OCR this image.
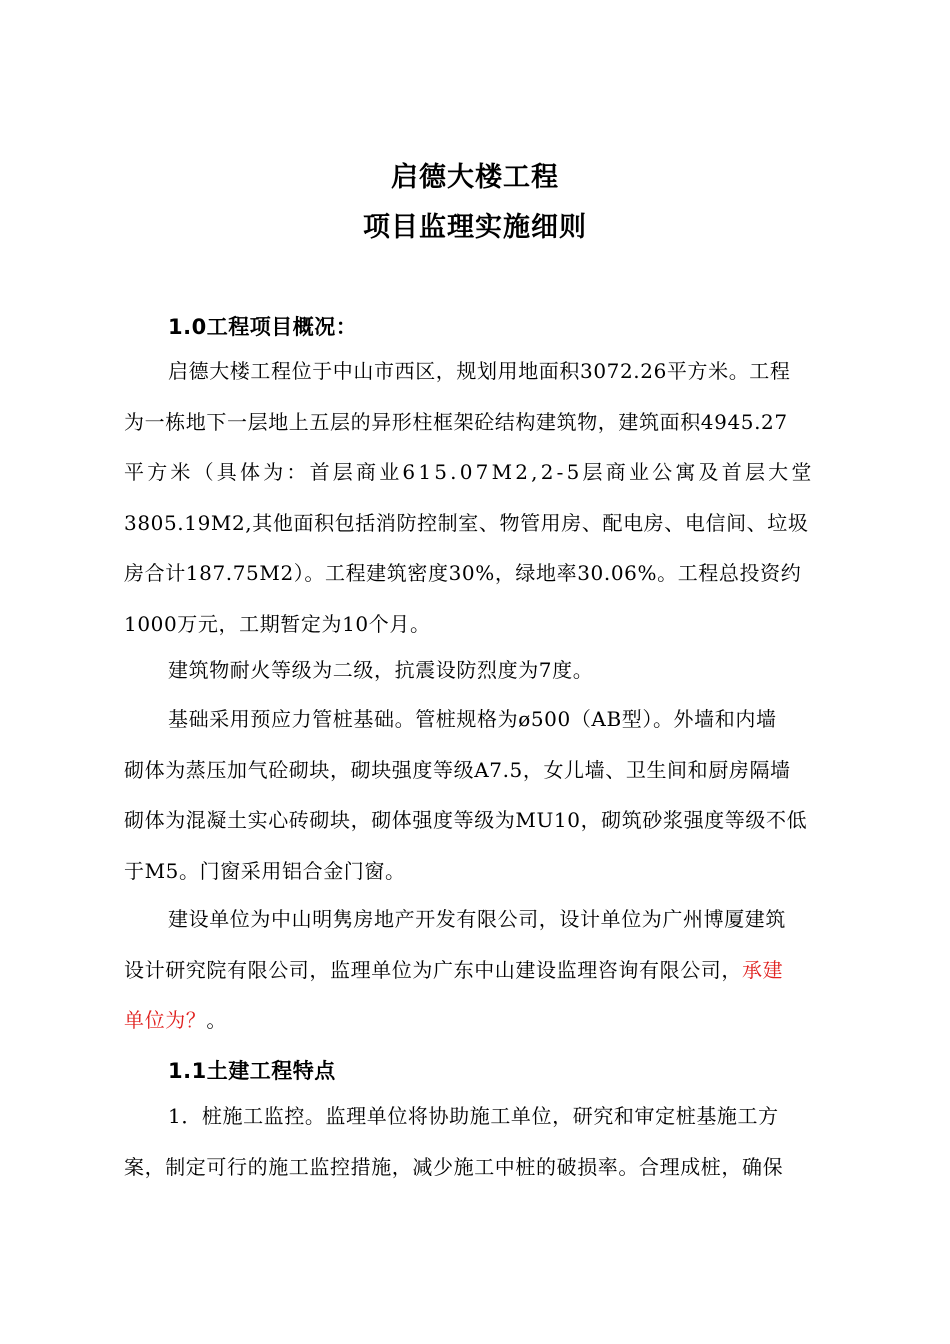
启德大楼工程
项目监理实施细则
1.0工程项目概况：
启德大楼工程位于中山市西区，规划用地面积3072.26平方米。工程
为一栋地下一层地上五层的异形柱框架砼结构建筑物，建筑面积4945.27
平方米（具体为：首层商业615.07M2,2-5层商业公寓及首层大堂
3805.19M2,其他面积包括消防控制室、物管用房、配电房、电信间、垃圾
房合计187.75M2）。工程建筑密度30%，绿地率30.06%。工程总投资约
1000万元，工期暂定为10个月。
建筑物耐火等级为二级，抗震设防烈度为7度。
基础采用预应力管桩基础。管桩规格为ø500（AB型）。外墙和内墙
砌体为蒸压加气砼砌块，砌块强度等级A7.5，女儿墙、卫生间和厨房隔墙
砌体为混凝土实心砖砌块，砌体强度等级为MU10，砌筑砂浆强度等级不低
于M5。门窗采用铝合金门窗。
建设单位为中山明隽房地产开发有限公司，设计单位为广州博厦建筑
设计研究院有限公司，监理单位为广东中山建设监理咨询有限公司，承建
单位为？。
1.1土建工程特点
1．桩施工监控。监理单位将协助施工单位，研究和审定桩基施工方
案，制定可行的施工监控措施，减少施工中桩的破损率。合理成桩，确保
